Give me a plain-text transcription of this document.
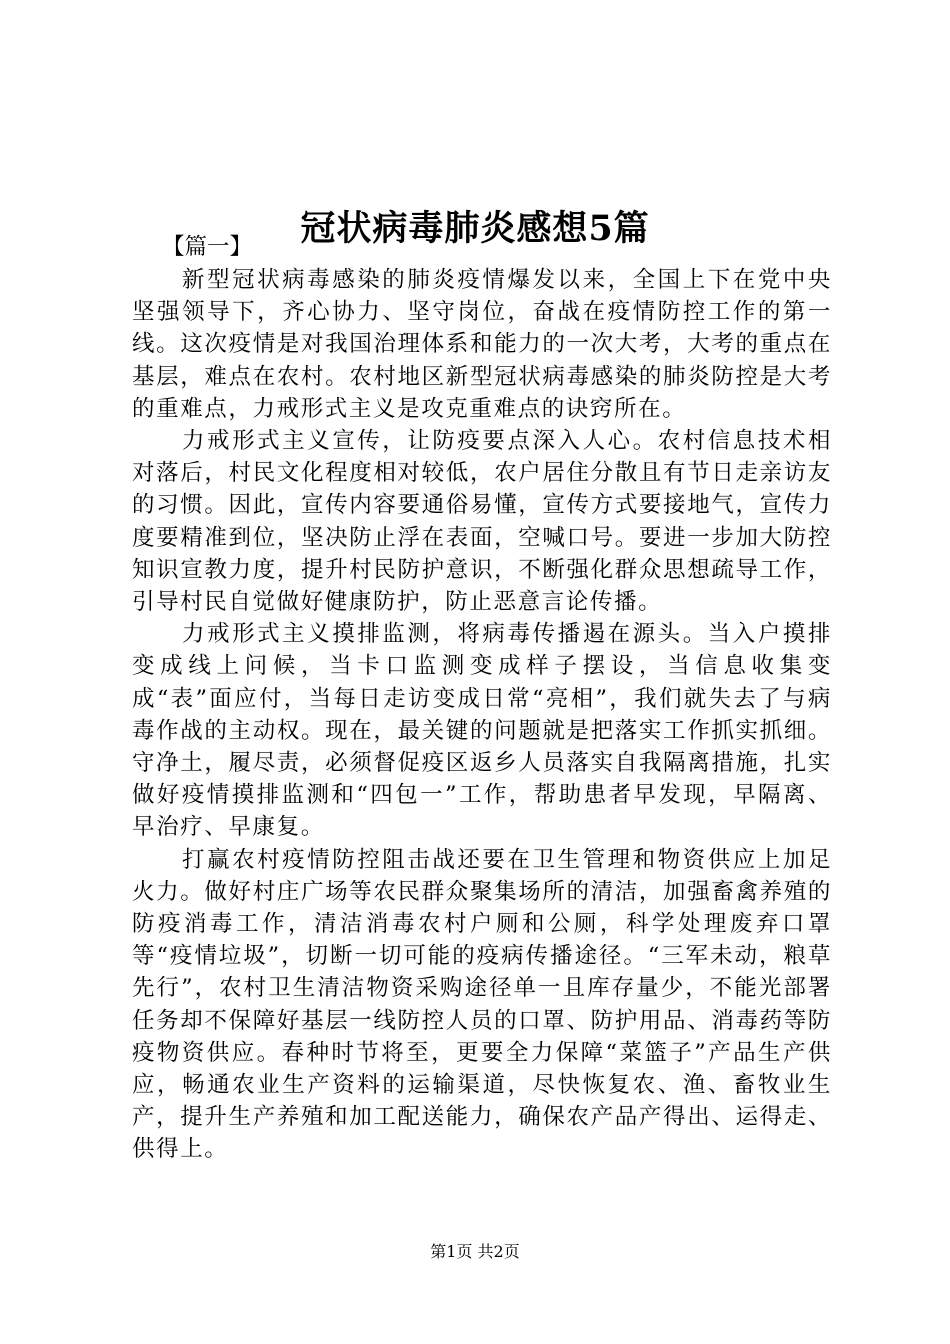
冠状病毒肺炎感想5篇
【篇一】

新型冠状病毒感染的肺炎疫情爆发以来，全国上下在党中央坚强领导下，齐心协力、坚守岗位，奋战在疫情防控工作的第一线。这次疫情是对我国治理体系和能力的一次大考，大考的重点在基层，难点在农村。农村地区新型冠状病毒感染的肺炎防控是大考的重难点，力戒形式主义是攻克重难点的诀窍所在。

力戒形式主义宣传，让防疫要点深入人心。农村信息技术相对落后，村民文化程度相对较低，农户居住分散且有节日走亲访友的习惯。因此，宣传内容要通俗易懂，宣传方式要接地气，宣传力度要精准到位，坚决防止浮在表面，空喊口号。要进一步加大防控知识宣教力度，提升村民防护意识，不断强化群众思想疏导工作，引导村民自觉做好健康防护，防止恶意言论传播。

力戒形式主义摸排监测，将病毒传播遏在源头。当入户摸排变成线上问候，当卡口监测变成样子摆设，当信息收集变成“表”面应付，当每日走访变成日常“亮相”，我们就失去了与病毒作战的主动权。现在，最关键的问题就是把落实工作抓实抓细。守净土，履尽责，必须督促疫区返乡人员落实自我隔离措施，扎实做好疫情摸排监测和“四包一”工作，帮助患者早发现，早隔离、早治疗、早康复。

打赢农村疫情防控阻击战还要在卫生管理和物资供应上加足火力。做好村庄广场等农民群众聚集场所的清洁，加强畜禽养殖的防疫消毒工作，清洁消毒农村户厕和公厕，科学处理废弃口罩等“疫情垃圾”，切断一切可能的疫病传播途径。“三军未动，粮草先行”，农村卫生清洁物资采购途径单一且库存量少，不能光部署任务却不保障好基层一线防控人员的口罩、防护用品、消毒药等防疫物资供应。春种时节将至，更要全力保障“菜篮子”产品生产供应，畅通农业生产资料的运输渠道，尽快恢复农、渔、畜牧业生产，提升生产养殖和加工配送能力，确保农产品产得出、运得走、供得上。

第1页 共2页
